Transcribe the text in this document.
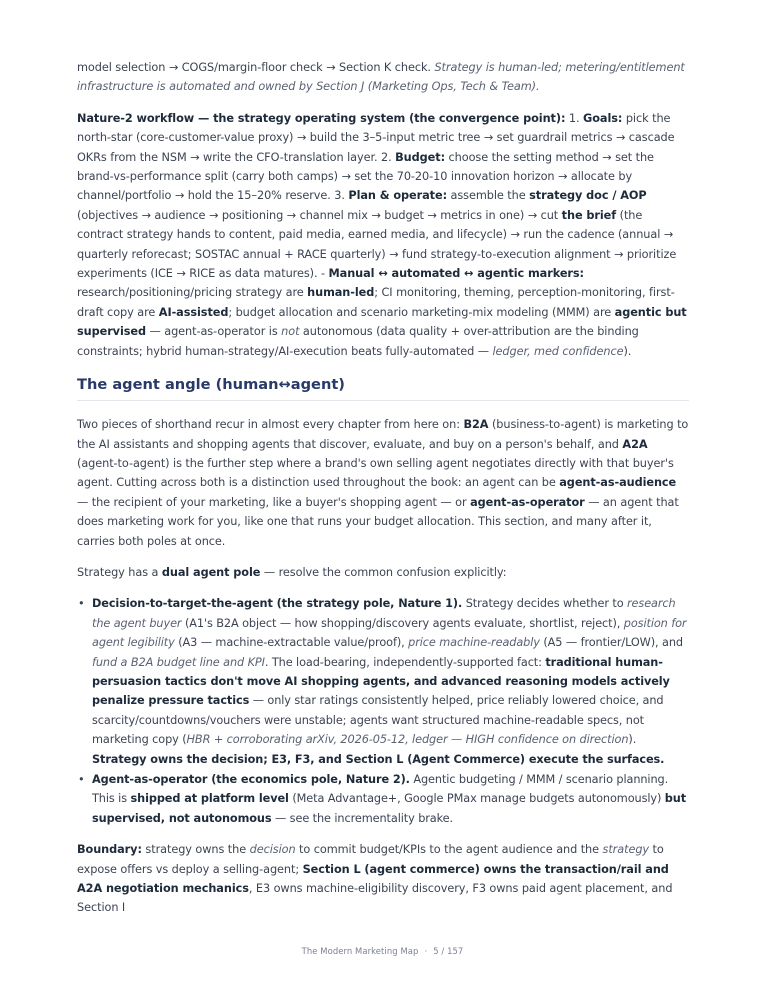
model selection → COGS/margin-floor check → Section K check. Strategy is human-led; metering/entitlement infrastructure is automated and owned by Section J (Marketing Ops, Tech & Team).

Nature-2 workflow — the strategy operating system (the convergence point): 1. Goals: pick the north-star (core-customer-value proxy) → build the 3–5-input metric tree → set guardrail metrics → cascade OKRs from the NSM → write the CFO-translation layer. 2. Budget: choose the setting method → set the brand-vs-performance split (carry both camps) → set the 70-20-10 innovation horizon → allocate by channel/portfolio → hold the 15–20% reserve. 3. Plan & operate: assemble the strategy doc / AOP (objectives → audience → positioning → channel mix → budget → metrics in one) → cut the brief (the contract strategy hands to content, paid media, earned media, and lifecycle) → run the cadence (annual → quarterly reforecast; SOSTAC annual + RACE quarterly) → fund strategy-to-execution alignment → prioritize experiments (ICE → RICE as data matures). - Manual ↔ automated ↔ agentic markers: research/positioning/pricing strategy are human-led; CI monitoring, theming, perception-monitoring, first-draft copy are AI-assisted; budget allocation and scenario marketing-mix modeling (MMM) are agentic but supervised — agent-as-operator is not autonomous (data quality + over-attribution are the binding constraints; hybrid human-strategy/AI-execution beats fully-automated — ledger, med confidence).

The agent angle (human↔agent)

Two pieces of shorthand recur in almost every chapter from here on: B2A (business-to-agent) is marketing to the AI assistants and shopping agents that discover, evaluate, and buy on a person's behalf, and A2A (agent-to-agent) is the further step where a brand's own selling agent negotiates directly with that buyer's agent. Cutting across both is a distinction used throughout the book: an agent can be agent-as-audience — the recipient of your marketing, like a buyer's shopping agent — or agent-as-operator — an agent that does marketing work for you, like one that runs your budget allocation. This section, and many after it, carries both poles at once.

Strategy has a dual agent pole — resolve the common confusion explicitly:

• Decision-to-target-the-agent (the strategy pole, Nature 1). Strategy decides whether to research the agent buyer (A1's B2A object — how shopping/discovery agents evaluate, shortlist, reject), position for agent legibility (A3 — machine-extractable value/proof), price machine-readably (A5 — frontier/LOW), and fund a B2A budget line and KPI. The load-bearing, independently-supported fact: traditional human-persuasion tactics don't move AI shopping agents, and advanced reasoning models actively penalize pressure tactics — only star ratings consistently helped, price reliably lowered choice, and scarcity/countdowns/vouchers were unstable; agents want structured machine-readable specs, not marketing copy (HBR + corroborating arXiv, 2026-05-12, ledger — HIGH confidence on direction). Strategy owns the decision; E3, F3, and Section L (Agent Commerce) execute the surfaces.
• Agent-as-operator (the economics pole, Nature 2). Agentic budgeting / MMM / scenario planning. This is shipped at platform level (Meta Advantage+, Google PMax manage budgets autonomously) but supervised, not autonomous — see the incrementality brake.

Boundary: strategy owns the decision to commit budget/KPIs to the agent audience and the strategy to expose offers vs deploy a selling-agent; Section L (agent commerce) owns the transaction/rail and A2A negotiation mechanics, E3 owns machine-eligibility discovery, F3 owns paid agent placement, and Section I

The Modern Marketing Map · 5 / 157
